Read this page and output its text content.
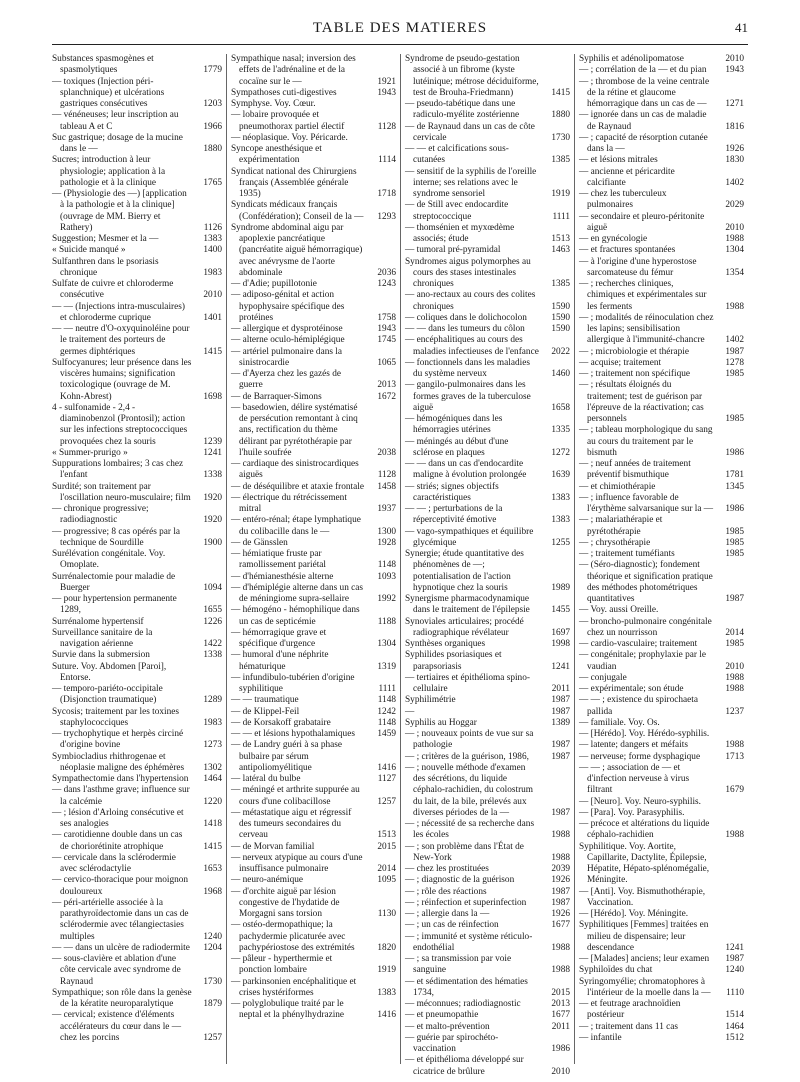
TABLE DES MATIERES	41
Substances spasmogènes et spasmolytiques	1779
— toxiques (Injection péri-splanchnique) et ulcérations gastriques consécutives	1203
— vénéneuses; leur inscription au tableau A et C	1966
Suc gastrique; dosage de la mucine dans le —	1880
Sucres; introduction à leur physiologie; application à la pathologie et à la clinique	1765
— (Physiologie des —) [application à la pathologie et à la clinique] (ouvrage de MM. Bierry et Rathery)	1126
Suggestion; Mesmer et la —	1383
« Suicide manqué »	1400
Sulfanthren dans le psoriasis chronique	1983
Sulfate de cuivre et chloroderme consécutive	2010
— — (Injections intra-musculaires) et chloroderme cuprique	1401
— — neutre d'O-oxyquinoléine pour le traitement des porteurs de germes diphtériques	1415
Sulfocyanures; leur présence dans les viscères humains; signification toxicologique (ouvrage de M. Kohn-Abrest)	1698
4 - sulfonamide - 2,4 - diaminobenzol (Prontosil); action sur les infections streptococciques provoquées chez la souris	1239
« Summer-prurigo »	1241
Suppurations lombaires; 3 cas chez l'enfant	1338
Surdité; son traitement par l'oscillation neuro-musculaire; film	1920
— chronique progressive; radiodiagnostic	1920
— progressive; 8 cas opérés par la technique de Sourdille	1900
Surélévation congénitale. Voy. Omoplate.
Surrénalectomie pour maladie de Buerger	1094
— pour hypertension permanente 1289,	1655
Surrénalome hypertensif	1226
Surveillance sanitaire de la navigation aérienne	1422
Survie dans la submersion	1338
Suture. Voy. Abdomen [Paroi], Entorse.
— temporo-pariéto-occipitale (Disjonction traumatique)	1289
Sycosis; traitement par les toxines staphylococciques	1983
— trychophytique et herpès circiné d'origine bovine	1273
Symbiocladius rhithrogenae et néoplasie maligne des éphémères	1302
Sympathectomie dans l'hypertension	1464
— dans l'asthme grave; influence sur la calcémie	1220
— ; lésion d'Arloing consécutive et ses analogies	1418
— carotidienne double dans un cas de choriorétinite atrophique	1415
— cervicale dans la sclérodermie avec sclérodactylie	1653
— cervico-thoracique pour moignon douloureux	1968
— péri-artérielle associée à la parathyroïdectomie dans un cas de sclérodermie avec télangiectasies multiples	1240
— — dans un ulcère de radiodermite	1204
— sous-clavière et ablation d'une côte cervicale avec syndrome de Raynaud	1730
Sympathique; son rôle dans la genèse de la kératite neuroparalytique	1879
— cervical; existence d'éléments accélérateurs du cœur dans le — chez les porcins	1257
Sympathique nasal; inversion des effets de l'adrénaline et de la cocaïne sur le —	1921
Sympathoses cuti-digestives	1943
Symphyse. Voy. Cœur.
— lobaire provoquée et pneumothorax partiel électif	1128
— néoplasique. Voy. Péricarde.
Syncope anesthésique et expérimentation	1114
Syndicat national des Chirurgiens français (Assemblée générale 1935)	1718
Syndicats médicaux français (Confédération); Conseil de la —	1293
Syndrome abdominal aigu par apoplexie pancréatique (pancréatite aiguë hémorragique) avec anévrysme de l'aorte abdominale	2036
— d'Adie; pupillotonie	1243
— adiposo-génital et action hypophysaire spécifique des protéines	1758
— allergique et dysprotéinose	1943
— alterne oculo-hémiplégique	1745
— artériel pulmonaire dans la sinistrocardie	1065
— d'Ayerza chez les gazés de guerre	2013
— de Barraquer-Simons	1672
— basedowien, délire systématisé de persécution remontant à cinq ans, rectification du thème délirant par pyrétothérapie par l'huile soufrée	2038
— cardiaque des sinistrocardiques aiguës	1128
— de déséquilibre et ataxie frontale	1458
— électrique du rétrécissement mitral	1937
— entéro-rénal; étape lymphatique du colibacille dans le —	1300
— de Gänsslen	1928
— hémiatique fruste par ramollissement pariétal	1148
— d'hémianesthésie alterne	1093
— d'hémiplégie alterne dans un cas de méningiome supra-sellaire	1992
— hémogéno - hémophilique dans un cas de septicémie	1188
— hémorragique grave et spécifique d'urgence	1304
— humoral d'une néphrite hématurique	1319
— infundibulo-tubérien d'origine syphilitique	1111
— — traumatique	1148
— de Klippel-Feil	1242
— de Korsakoff grabataire	1148
— — et lésions hypothalamiques	1459
— de Landry guéri à sa phase bulbaire par sérum antipoliomyélitique	1416
— latéral du bulbe	1127
— méningé et arthrite suppurée au cours d'une colibacillose	1257
— métastatique aigu et régressif des tumeurs secondaires du cerveau	1513
— de Morvan familial	2015
— nerveux atypique au cours d'une insuffisance pulmonaire	2014
— neuro-anémique	1095
— d'orchite aiguë par lésion congestive de l'hydatide de Morgagni sans torsion	1130
— ostéo-dermopathique; la pachydermie plicaturée avec pachypériostose des extrémités	1820
— pâleur - hyperthermie et ponction lombaire	1919
— parkinsonien encéphalitique et crises hystériformes	1383
— polyglobulique traité par le neptal et la phénylhydrazine	1416
Syndrome de pseudo-gestation associé à un fibrome (kyste lutéinique; métrose déciduiforme, test de Brouha-Friedmann)	1415
— pseudo-tabétique dans une radiculo-myélite zostérienne	1880
— de Raynaud dans un cas de côte cervicale	1730
— — et calcifications sous-cutanées	1385
— sensitif de la syphilis de l'oreille interne; ses relations avec le syndrome sensoriel	1919
— de Still avec endocardite streptococcique	1111
— thomsénien et myxœdème associés; étude	1513
— tumoral pré-pyramidal	1463
Syndromes aigus polymorphes au cours des stases intestinales chroniques	1385
— ano-rectaux au cours des colites chroniques	1590
— coliques dans le dolichocolon	1590
— — dans les tumeurs du côlon	1590
— encéphalitiques au cours des maladies infectieuses de l'enfance	2022
— fonctionnels dans les maladies du système nerveux	1460
— gangilo-pulmonaires dans les formes graves de la tuberculose aiguë	1658
— hémogéniques dans les hémorragies utérines	1335
— méningés au début d'une sclérose en plaques	1272
— — dans un cas d'endocardite maligne à évolution prolongée	1639
— striés; signes objectifs caractéristiques	1383
— — ; perturbations de la réperceptivité émotive	1383
— vago-sympathiques et équilibre glycémique	1255
Synergie; étude quantitative des phénomènes de —; potentialisation de l'action hypnotique chez la souris	1989
Synergisme pharmacodynamique dans le traitement de l'épilepsie	1455
Synoviales articulaires; procédé radiographique révélateur	1697
Synthèses organiques	1998
Syphilides psoriasiques et parapsoriasis	1241
— tertiaires et épithélioma spino-cellulaire	2011
Syphilimétrie	1987
—	1987
Syphilis au Hoggar	1389
— ; nouveaux points de vue sur sa pathologie	1987
— ; critères de la guérison, 1986,	1987
— ; nouvelle méthode d'examen des sécrétions, du liquide céphalo-rachidien, du colostrum du lait, de la bile, prélevés aux diverses périodes de la —	1987
— ; nécessité de sa recherche dans les écoles	1988
— ; son problème dans l'État de New-York	1988
— chez les prostituées	2039
— ; diagnostic de la guérison	1926
— ; rôle des réactions	1987
— ; réinfection et superinfection	1987
— ; allergie dans la —	1926
— ; un cas de réinfection	1677
— ; immunité et système réticulo-endothélial	1988
— ; sa transmission par voie sanguine	1988
— et sédimentation des hématies 1734,	2015
— méconnues; radiodiagnostic	2013
— et pneumopathie	1677
— et malto-prévention	2011
— guérie par spirochéto-vaccination	1986
— et épithélioma développé sur cicatrice de brûlure	2010
Syphilis et adénolipomatose	2010
— ; corrélation de la — et du pian	1943
— ; thrombose de la veine centrale de la rétine et glaucome hémorragique dans un cas de —	1271
— ignorée dans un cas de maladie de Raynaud	1816
— ; capacité de résorption cutanée dans la —	1926
— et lésions mitrales	1830
— ancienne et péricardite calcifiante	1402
— chez les tuberculeux pulmonaires	2029
— secondaire et pleuro-péritonite aiguë	2010
— en gynécologie	1988
— et fractures spontanées	1304
— à l'origine d'une hyperostose sarcomateuse du fémur	1354
— ; recherches cliniques, chimiques et expérimentales sur les ferments	1988
— ; modalités de réinoculation chez les lapins; sensibilisation allergique à l'immunité-chancre	1402
— ; microbiologie et thérapie	1987
— acquise; traitement	1278
— ; traitement non spécifique	1985
— ; résultats éloignés du traitement; test de guérison par l'épreuve de la réactivation; cas personnels	1985
— ; tableau morphologique du sang au cours du traitement par le bismuth	1986
— ; neuf années de traitement préventif bismuthique	1781
— et chimiothérapie	1345
— ; influence favorable de l'érythème salvarsanique sur la —	1986
— ; malariathérapie et pyrétothérapie	1985
— ; chrysothérapie	1985
— ; traitement tuméfiants	1985
— (Séro-diagnostic); fondement théorique et signification pratique des méthodes photométriques quantitatives	1987
— Voy. aussi Oreille.
— broncho-pulmonaire congénitale chez un nourrisson	2014
— cardio-vasculaire; traitement	1985
— congénitale; prophylaxie par le vaudian	2010
— conjugale	1988
— expérimentale; son étude	1988
— — ; existence du spirochaeta pallida	1237
— familiale. Voy. Os.
— [Hérédo]. Voy. Hérédo-syphilis.
— latente; dangers et méfaits	1988
— nerveuse; forme dysphagique	1713
— — ; association de — et d'infection nerveuse à virus filtrant	1679
— [Neuro]. Voy. Neuro-syphilis.
— [Para]. Voy. Parasyphilis.
— précoce et altérations du liquide céphalo-rachidien	1988
Syphilitique. Voy. Aortite, Capillarite, Dactylite, Épilepsie, Hépatite, Hépato-splénomégalie, Méningite.
— [Anti]. Voy. Bismuthothérapie, Vaccination.
— [Hérédo]. Voy. Méningite.
Syphilitiques [Femmes] traitées en milieu de dispensaire; leur descendance	1241
— [Malades] anciens; leur examen	1987
Syphiloïdes du chat	1240
Syringomyélie; chromatophores à l'intérieur de la moelle dans la —	1110
— et feutrage arachnoïdien postérieur	1514
— ; traitement dans 11 cas	1464
— infantile	1512
